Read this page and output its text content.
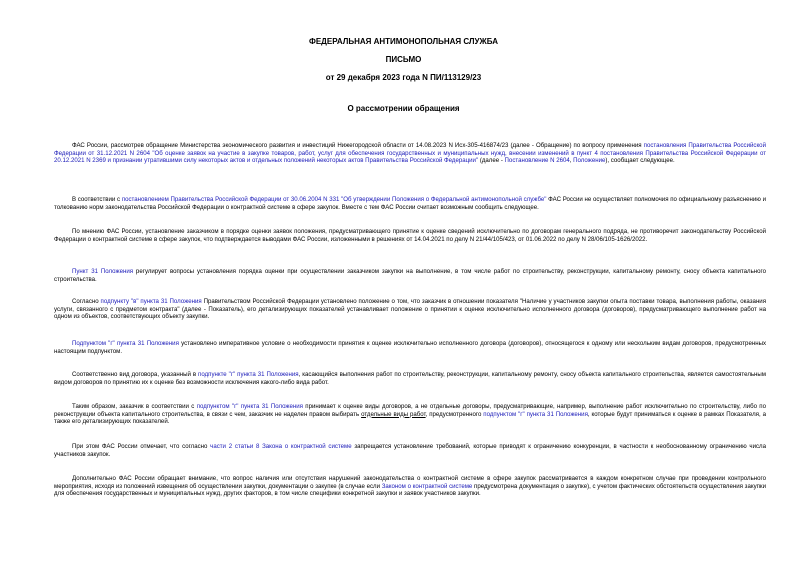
ФЕДЕРАЛЬНАЯ АНТИМОНОПОЛЬНАЯ СЛУЖБА
ПИСЬМО
от 29 декабря 2023 года N ПИ/113129/23
О рассмотрении обращения
ФАС России, рассмотрев обращение Министерства экономического развития и инвестиций Нижегородской области от 14.08.2023 N Исх-305-416874/23 (далее - Обращение) по вопросу применения постановления Правительства Российской Федерации от 31.12.2021 N 2604 "Об оценке заявок на участие в закупке товаров, работ, услуг для обеспечения государственных и муниципальных нужд, внесении изменений в пункт 4 постановления Правительства Российской Федерации от 20.12.2021 N 2369 и признании утратившими силу некоторых актов и отдельных положений некоторых актов Правительства Российской Федерации" (далее - Постановление N 2604, Положение), сообщает следующее.
В соответствии с постановлением Правительства Российской Федерации от 30.06.2004 N 331 "Об утверждении Положения о Федеральной антимонопольной службе" ФАС России не осуществляет полномочия по официальному разъяснению и толкованию норм законодательства Российской Федерации о контрактной системе в сфере закупок. Вместе с тем ФАС России считает возможным сообщить следующее.
По мнению ФАС России, установление заказчиком в порядке оценки заявок положения, предусматривающего принятие к оценке сведений исключительно по договорам генерального подряда, не противоречит законодательству Российской Федерации о контрактной системе в сфере закупок, что подтверждается выводами ФАС России, изложенными в решениях от 14.04.2021 по делу N 21/44/105/423, от 01.06.2022 по делу N 28/06/105-1626/2022.
Пункт 31 Положения регулирует вопросы установления порядка оценки при осуществлении заказчиком закупки на выполнение, в том числе работ по строительству, реконструкции, капитальному ремонту, сносу объекта капитального строительства.
Согласно подпункту "в" пункта 31 Положения Правительством Российской Федерации установлено положение о том, что заказчик в отношении показателя "Наличие у участников закупки опыта поставки товара, выполнения работы, оказания услуги, связанного с предметом контракта" (далее - Показатель), его детализирующих показателей устанавливает положение о принятии к оценке исключительно исполненного договора (договоров), предусматривающего выполнение работ на одном из объектов, соответствующих объекту закупки.
Подпунктом "г" пункта 31 Положения установлено императивное условие о необходимости принятия к оценке исключительно исполненного договора (договоров), относящегося к одному или нескольким видам договоров, предусмотренных настоящим подпунктом.
Соответственно вид договора, указанный в подпункте "г" пункта 31 Положения, касающийся выполнения работ по строительству, реконструкции, капитальному ремонту, сносу объекта капитального строительства, является самостоятельным видом договоров по принятию их к оценке без возможности исключения какого-либо вида работ.
Таким образом, заказчик в соответствии с подпунктом "г" пункта 31 Положения принимает к оценке виды договоров, а не отдельные договоры, предусматривающие, например, выполнение работ исключительно по строительству, либо по реконструкции объекта капитального строительства, в связи с чем, заказчик не наделен правом выбирать отдельные виды работ, предусмотренного подпунктом "г" пункта 31 Положения, которые будут приниматься к оценке в рамках Показателя, а также его детализирующих показателей.
При этом ФАС России отмечает, что согласно части 2 статьи 8 Закона о контрактной системе запрещается установление требований, которые приводят к ограничению конкуренции, в частности к необоснованному ограничению числа участников закупок.
Дополнительно ФАС России обращает внимание, что вопрос наличия или отсутствия нарушений законодательства о контрактной системе в сфере закупок рассматривается в каждом конкретном случае при проведении контрольного мероприятия, исходя из положений извещения об осуществлении закупки, документации о закупке (в случае если Законом о контрактной системе предусмотрена документация о закупке), с учетом фактических обстоятельств осуществления закупки для обеспечения государственных и муниципальных нужд, других факторов, в том числе специфики конкретной закупки и заявок участников закупки.
